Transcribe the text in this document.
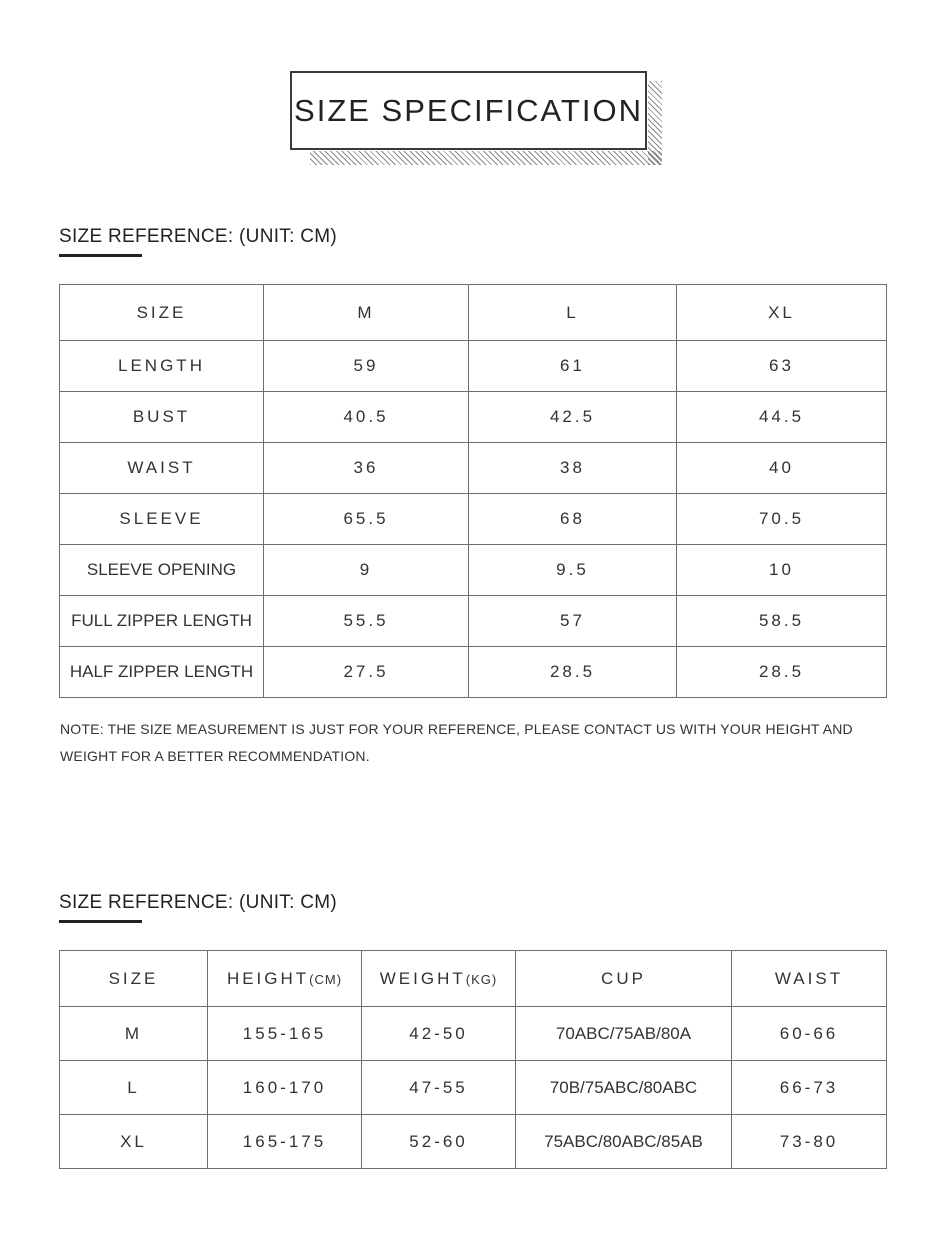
SIZE SPECIFICATION
SIZE REFERENCE: (UNIT: CM)
SIZE	M	L	XL
LENGTH	59	61	63
BUST	40.5	42.5	44.5
WAIST	36	38	40
SLEEVE	65.5	68	70.5
SLEEVE OPENING	9	9.5	10
FULL ZIPPER LENGTH	55.5	57	58.5
HALF ZIPPER LENGTH	27.5	28.5	28.5
NOTE: THE SIZE MEASUREMENT IS JUST FOR YOUR REFERENCE, PLEASE CONTACT US WITH YOUR HEIGHT AND WEIGHT FOR A BETTER RECOMMENDATION.
SIZE REFERENCE: (UNIT: CM)
SIZE	HEIGHT(CM)	WEIGHT(KG)	CUP	WAIST
M	155-165	42-50	70ABC/75AB/80A	60-66
L	160-170	47-55	70B/75ABC/80ABC	66-73
XL	165-175	52-60	75ABC/80ABC/85AB	73-80
